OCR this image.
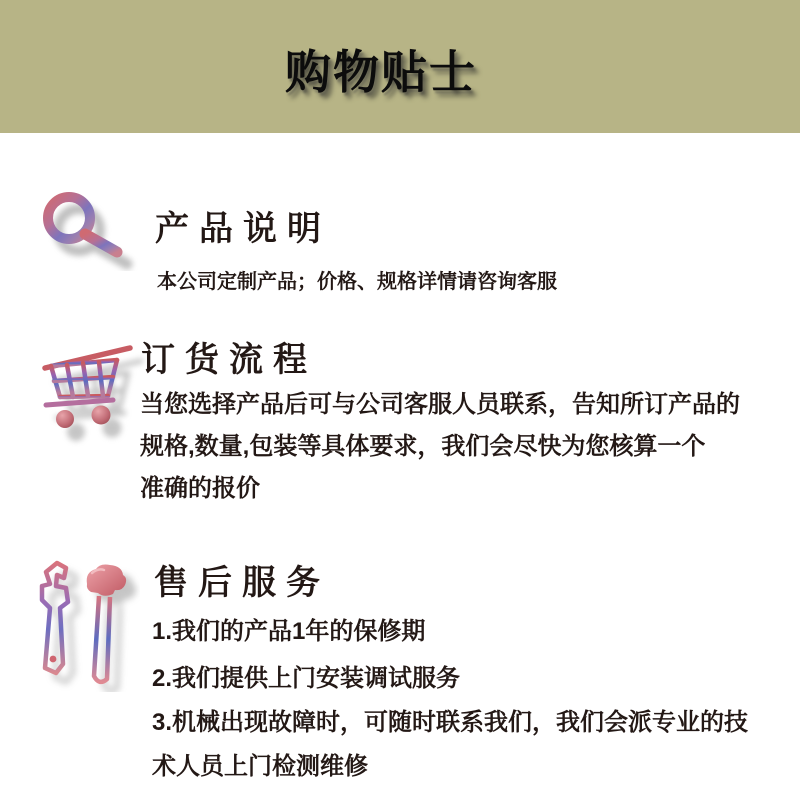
购物贴士
产品说明

本公司定制产品；价格、规格详情请咨询客服

订货流程

当您选择产品后可与公司客服人员联系，告知所订产品的

规格,数量,包装等具体要求，我们会尽快为您核算一个

准确的报价

售后服务

1.我们的产品1年的保修期

2.我们提供上门安装调试服务

3.机械出现故障时，可随时联系我们，我们会派专业的技

术人员上门检测维修
